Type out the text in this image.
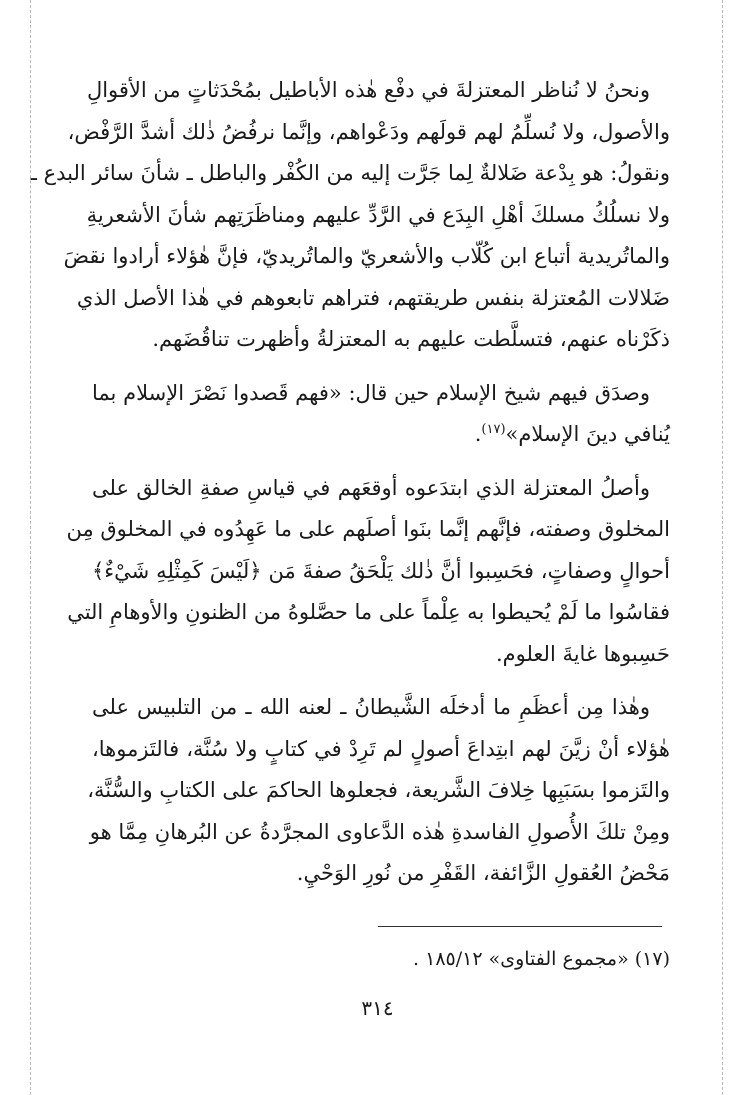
ونحنُ لا نُناظر المعتزلةَ في دفْع هٰذه الأباطيل بمُحْدَثاتٍ من الأقوالِ
والأصول، ولا نُسلِّمُ لهم قولَهم ودَعْواهم، وإنَّما نرفُضُ ذٰلك أشدَّ الرَّفْض،
ونقولُ: هو بِدْعة ضَلالةٌ لِما جَرَّت إليه من الكُفْر والباطل ـ شأنَ سائر البدع ـ
ولا نسلُكُ مسلكَ أهْلِ البِدَع في الرَّدِّ عليهم ومناظَرَتِهم شأنَ الأشعريةِ
والماتُريدية أتباع ابن كُلّاب والأشعريّ والماتُريديّ، فإنَّ هٰؤلاء أرادوا نقضَ
ضَلالات المُعتزلة بنفس طريقتهم، فتراهم تابعوهم في هٰذا الأصل الذي
ذكَرْناه عنهم، فتسلَّطت عليهم به المعتزلةُ وأظهرت تناقُضَهم.

وصدَق فيهم شيخ الإسلام حين قال: «فهم قَصدوا نَصْرَ الإسلام بما
يُنافي دينَ الإسلام»$^{(١٧)}$.

وأصلُ المعتزلة الذي ابتدَعوه أوقعَهم في قياسِ صفةِ الخالق على
المخلوق وصفته، فإنَّهم إنَّما بنَوا أصلَهم على ما عَهِدُوه في المخلوق مِن
أحوالٍ وصفاتٍ، فحَسِبوا أنَّ ذٰلك يَلْحَقُ صفةَ مَن ﴿لَيْسَ كَمِثْلِهِ شَيْءٌ﴾
فقاسُوا ما لَمْ يُحيطوا به عِلْماً على ما حصَّلوهُ من الظنونِ والأوهامِ التي
حَسِبوها غايةَ العلوم.

وهٰذا مِن أعظَمِ ما أدخلَه الشَّيطانُ ـ لعنه الله ـ من التلبيس على
هٰؤلاء أنْ زيَّنَ لهم ابتِداعَ أصولٍ لم تَرِدْ في كتابٍ ولا سُنَّة، فالتَزموها،
والتَزموا بسَبَبِها خِلافَ الشَّريعة، فجعلوها الحاكمَ على الكتابِ والسُّنَّة،
ومِنْ تلكَ الأُصولِ الفاسدةِ هٰذه الدَّعاوى المجرَّدةُ عن البُرهانِ مِمَّا هو
مَحْضُ العُقولِ الزَّائفة، القَفْرِ من نُورِ الوَحْيِ.

(١٧) «مجموع الفتاوى» ١٨٥/١٢ .
٣١٤
